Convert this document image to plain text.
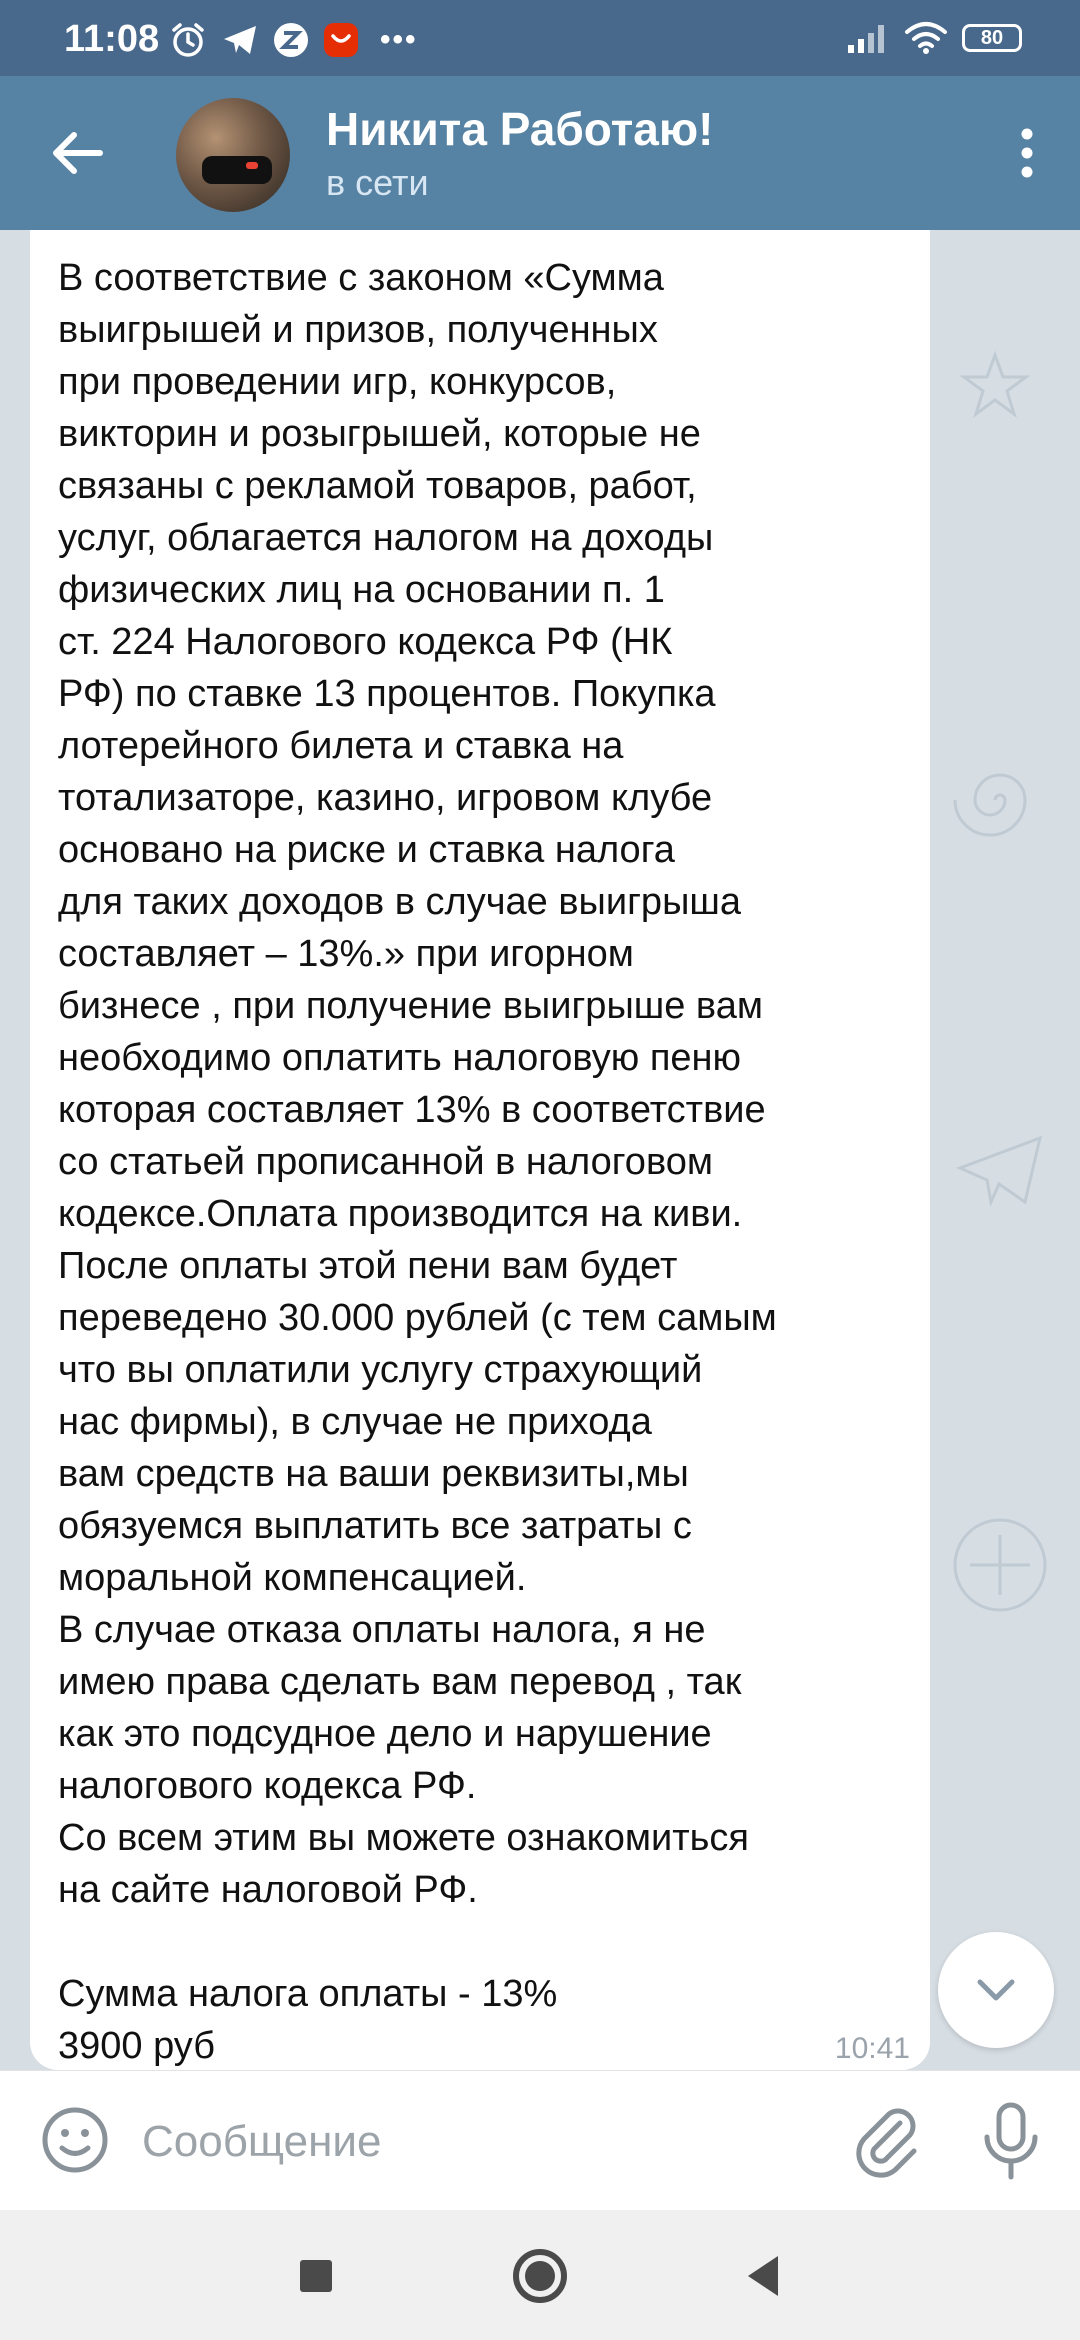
11:08	•••	80
Никита Работаю!
в сети

В соответствие с законом «Сумма
выигрышей и призов, полученных
при проведении игр, конкурсов,
викторин и розыгрышей, которые не
связаны с рекламой товаров, работ,
услуг, облагается налогом на доходы
физических лиц на основании п. 1
ст. 224 Налогового кодекса РФ (НК
РФ) по ставке 13 процентов. Покупка
лотерейного билета и ставка на
тотализаторе, казино, игровом клубе
основано на риске и ставка налога
для таких доходов в случае выигрыша
составляет – 13%.» при игорном
бизнесе , при получение выигрыше вам
необходимо оплатить налоговую пеню
которая составляет 13% в соответствие
со статьей прописанной в налоговом
кодексе.Оплата производится на киви.
После оплаты этой пени вам будет
переведено 30.000 рублей (с тем самым
что вы оплатили услугу страхующий
нас фирмы), в случае не прихода
вам средств на ваши реквизиты,мы
обязуемся выплатить все затраты с
моральной компенсацией.
В случае отказа оплаты налога, я не
имею права сделать вам перевод , так
как это подсудное дело и нарушение
налогового кодекса РФ.
Со всем этим вы можете ознакомиться
на сайте налоговой РФ.

Сумма налога оплаты - 13%
3900 руб	10:41
Сообщение
